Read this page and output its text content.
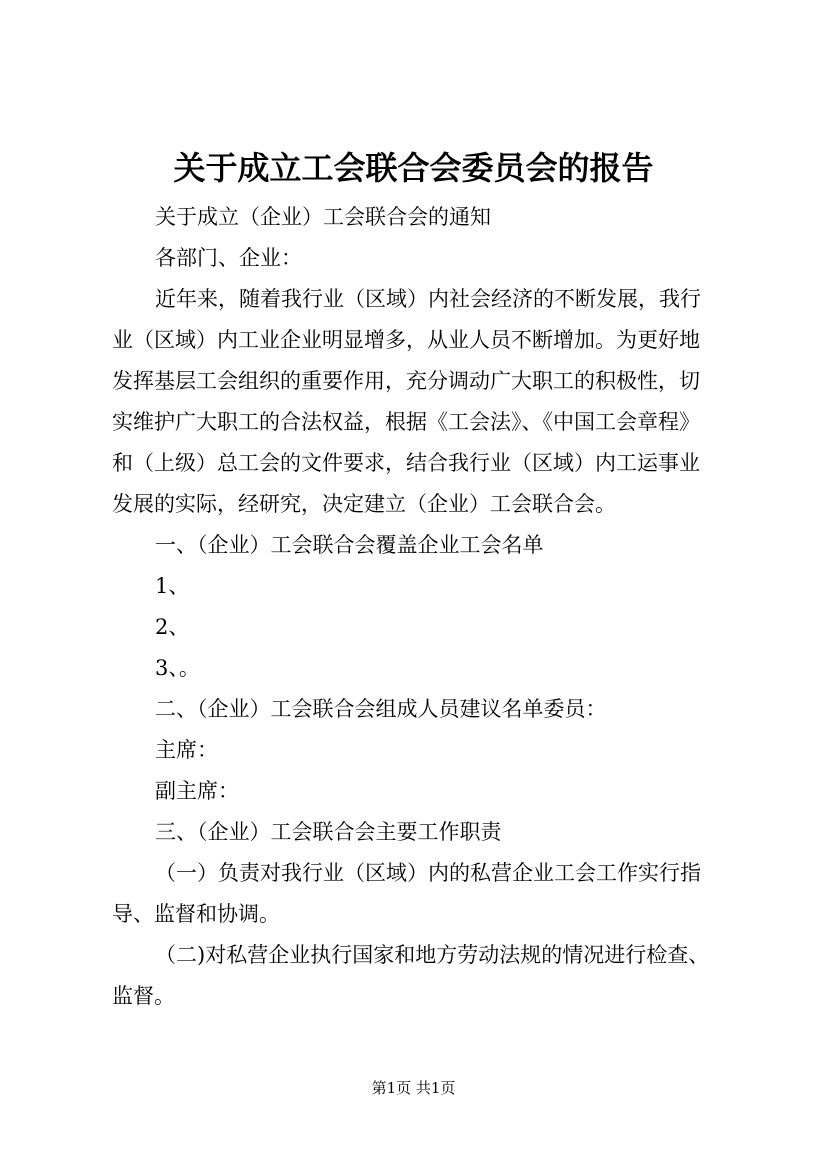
关于成立工会联合会委员会的报告
关于成立（企业）工会联合会的通知
各部门、企业：
近年来，随着我行业（区域）内社会经济的不断发展，我行
业（区域）内工业企业明显增多，从业人员不断增加。为更好地
发挥基层工会组织的重要作用，充分调动广大职工的积极性，切
实维护广大职工的合法权益，根据《工会法》、《中国工会章程》
和（上级）总工会的文件要求，结合我行业（区域）内工运事业
发展的实际，经研究，决定建立（企业）工会联合会。
一、（企业）工会联合会覆盖企业工会名单
1、
2、
3、。
二、（企业）工会联合会组成人员建议名单委员：
主席：
副主席：
三、（企业）工会联合会主要工作职责
（一）负责对我行业（区域）内的私营企业工会工作实行指
导、监督和协调。
（二)对私营企业执行国家和地方劳动法规的情况进行检查、
监督。
第1页 共1页
